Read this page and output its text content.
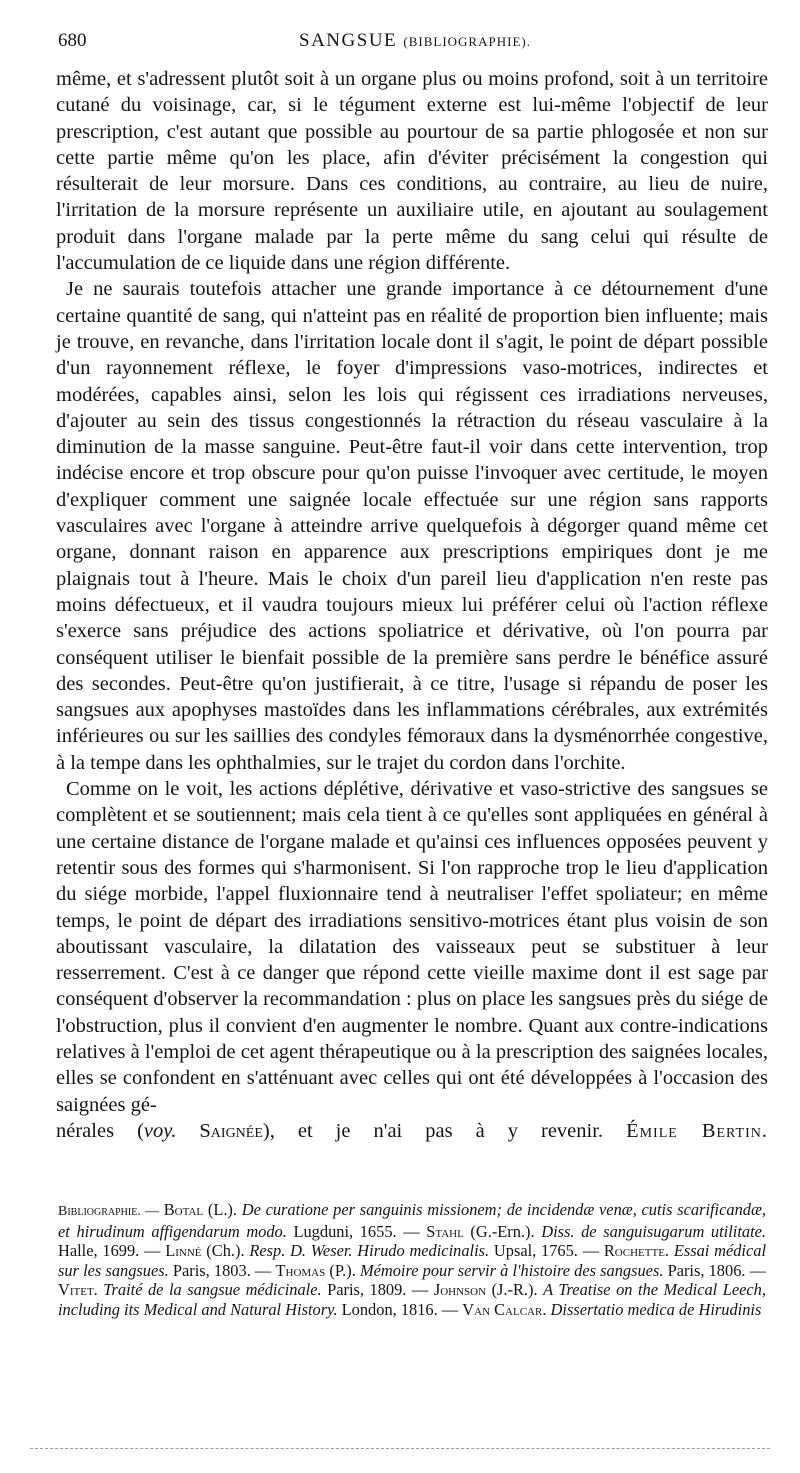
680	SANGSUE (BIBLIOGRAPHIE).

même, et s'adressent plutôt soit à un organe plus ou moins profond, soit à un territoire cutané du voisinage, car, si le tégument externe est lui-même l'objectif de leur prescription, c'est autant que possible au pourtour de sa partie phlogosée et non sur cette partie même qu'on les place, afin d'éviter précisément la congestion qui résulterait de leur morsure. Dans ces conditions, au contraire, au lieu de nuire, l'irritation de la morsure représente un auxiliaire utile, en ajoutant au soulagement produit dans l'organe malade par la perte même du sang celui qui résulte de l'accumulation de ce liquide dans une région différente.

Je ne saurais toutefois attacher une grande importance à ce détournement d'une certaine quantité de sang, qui n'atteint pas en réalité de proportion bien influente; mais je trouve, en revanche, dans l'irritation locale dont il s'agit, le point de départ possible d'un rayonnement réflexe, le foyer d'impressions vaso-motrices, indirectes et modérées, capables ainsi, selon les lois qui régissent ces irradiations nerveuses, d'ajouter au sein des tissus congestionnés la rétraction du réseau vasculaire à la diminution de la masse sanguine. Peut-être faut-il voir dans cette intervention, trop indécise encore et trop obscure pour qu'on puisse l'invoquer avec certitude, le moyen d'expliquer comment une saignée locale effectuée sur une région sans rapports vasculaires avec l'organe à atteindre arrive quelquefois à dégorger quand même cet organe, donnant raison en apparence aux prescriptions empiriques dont je me plaignais tout à l'heure. Mais le choix d'un pareil lieu d'application n'en reste pas moins défectueux, et il vaudra toujours mieux lui préférer celui où l'action réflexe s'exerce sans préjudice des actions spoliatrice et dérivative, où l'on pourra par conséquent utiliser le bienfait possible de la première sans perdre le bénéfice assuré des secondes. Peut-être qu'on justifierait, à ce titre, l'usage si répandu de poser les sangsues aux apophyses mastoïdes dans les inflammations cérébrales, aux extrémités inférieures ou sur les saillies des condyles fémoraux dans la dysménorrhée congestive, à la tempe dans les ophthalmies, sur le trajet du cordon dans l'orchite.

Comme on le voit, les actions déplétive, dérivative et vaso-strictive des sangsues se complètent et se soutiennent; mais cela tient à ce qu'elles sont appliquées en général à une certaine distance de l'organe malade et qu'ainsi ces influences opposées peuvent y retentir sous des formes qui s'harmonisent. Si l'on rapproche trop le lieu d'application du siége morbide, l'appel fluxionnaire tend à neutraliser l'effet spoliateur; en même temps, le point de départ des irradiations sensitivo-motrices étant plus voisin de son aboutissant vasculaire, la dilatation des vaisseaux peut se substituer à leur resserrement. C'est à ce danger que répond cette vieille maxime dont il est sage par conséquent d'observer la recommandation : plus on place les sangsues près du siége de l'obstruction, plus il convient d'en augmenter le nombre. Quant aux contre-indications relatives à l'emploi de cet agent thérapeutique ou à la prescription des saignées locales, elles se confondent en s'atténuant avec celles qui ont été développées à l'occasion des saignées gé-

nérales (voy. Saignée), et je n'ai pas à y revenir. Émile Bertin.

Bibliographie. — Botal (L.). De curatione per sanguinis missionem; de incidendæ venæ, cutis scarificandæ, et hirudinum affigendarum modo. Lugduni, 1655. — Stahl (G.-Ern.). Diss. de sanguisugarum utilitate. Halle, 1699. — Linné (Ch.). Resp. D. Weser. Hirudo medicinalis. Upsal, 1765. — Rochette. Essai médical sur les sangsues. Paris, 1803. — Thomas (P.). Mémoire pour servir à l'histoire des sangsues. Paris, 1806. — Vitet. Traité de la sangsue médicinale. Paris, 1809. — Johnson (J.-R.). A Treatise on the Medical Leech, including its Medical and Natural History. London, 1816. — Van Calcar. Dissertatio medica de Hirudinis
